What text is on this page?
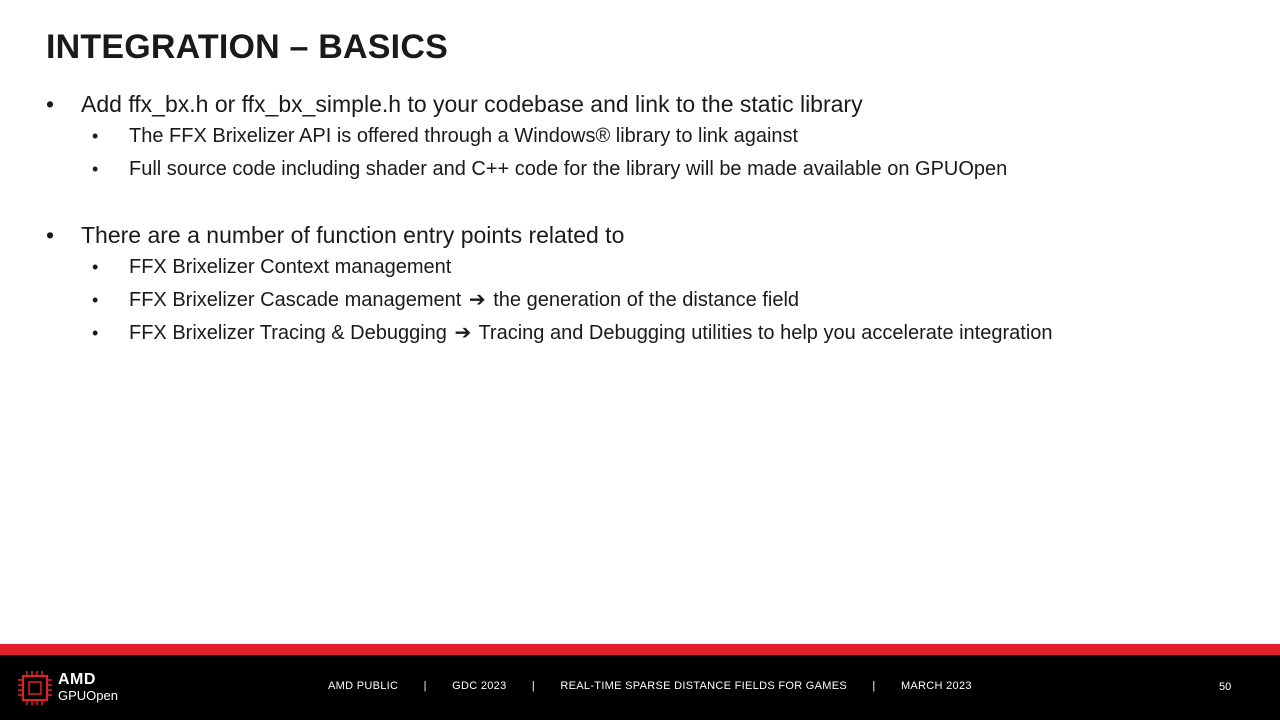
INTEGRATION – BASICS
• Add ffx_bx.h or ffx_bx_simple.h to your codebase and link to the static library
• The FFX Brixelizer API is offered through a Windows® library to link against
• Full source code including shader and C++ code for the library will be made available on GPUOpen
• There are a number of function entry points related to
• FFX Brixelizer Context management
• FFX Brixelizer Cascade management ➔ the generation of the distance field
• FFX Brixelizer Tracing & Debugging ➔ Tracing and Debugging utilities to help you accelerate integration
AMD
GPUOpen
AMD PUBLIC | GDC 2023 | REAL-TIME SPARSE DISTANCE FIELDS FOR GAMES | MARCH 2023	50
